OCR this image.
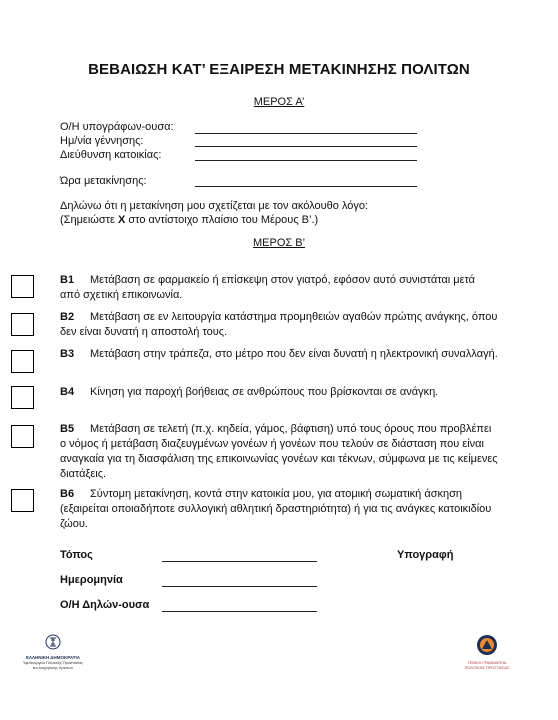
ΒΕΒΑΙΩΣΗ ΚΑΤ’ ΕΞΑΙΡΕΣΗ ΜΕΤΑΚΙΝΗΣΗΣ ΠΟΛΙΤΩΝ
ΜΕΡΟΣ Α’
Ο/Η υπογράφων-ουσα:
Ημ/νία γέννησης:
Διεύθυνση κατοικίας:
Ώρα μετακίνησης:
Δηλώνω ότι η μετακίνηση μου σχετίζεται με τον ακόλουθο λόγο:
(Σημειώστε Χ στο αντίστοιχο πλαίσιο του Μέρους Β’.)
ΜΕΡΟΣ Β’
Β1 Μετάβαση σε φαρμακείο ή επίσκεψη στον γιατρό, εφόσον αυτό συνιστάται μετά από σχετική επικοινωνία.
Β2 Μετάβαση σε εν λειτουργία κατάστημα προμηθειών αγαθών πρώτης ανάγκης, όπου δεν είναι δυνατή η αποστολή τους.
Β3 Μετάβαση στην τράπεζα, στο μέτρο που δεν είναι δυνατή η ηλεκτρονική συναλλαγή.
Β4 Κίνηση για παροχή βοήθειας σε ανθρώπους που βρίσκονται σε ανάγκη.
Β5 Μετάβαση σε τελετή (π.χ. κηδεία, γάμος, βάφτιση) υπό τους όρους που προβλέπει ο νόμος ή μετάβαση διαζευγμένων γονέων ή γονέων που τελούν σε διάσταση που είναι αναγκαία για τη διασφάλιση της επικοινωνίας γονέων και τέκνων, σύμφωνα με τις κείμενες διατάξεις.
Β6 Σύντομη μετακίνηση, κοντά στην κατοικία μου, για ατομική σωματική άσκηση (εξαιρείται οποιαδήποτε συλλογική αθλητική δραστηριότητα) ή για τις ανάγκες κατοικιδίου ζώου.
Τόπος
Ημερομηνία
Ο/Η Δηλών-ουσα
Υπογραφή
ΕΛΛΗΝΙΚΗ ΔΗΜΟΚΡΑΤΙΑ
Υφυπουργείο Πολιτικής Προστασίας
και Διαχείρισης Κρίσεων
ΓΕΝΙΚΗ ΓΡΑΜΜΑΤΕΙΑ
ΠΟΛΙΤΙΚΗΣ ΠΡΟΣΤΑΣΙΑΣ
